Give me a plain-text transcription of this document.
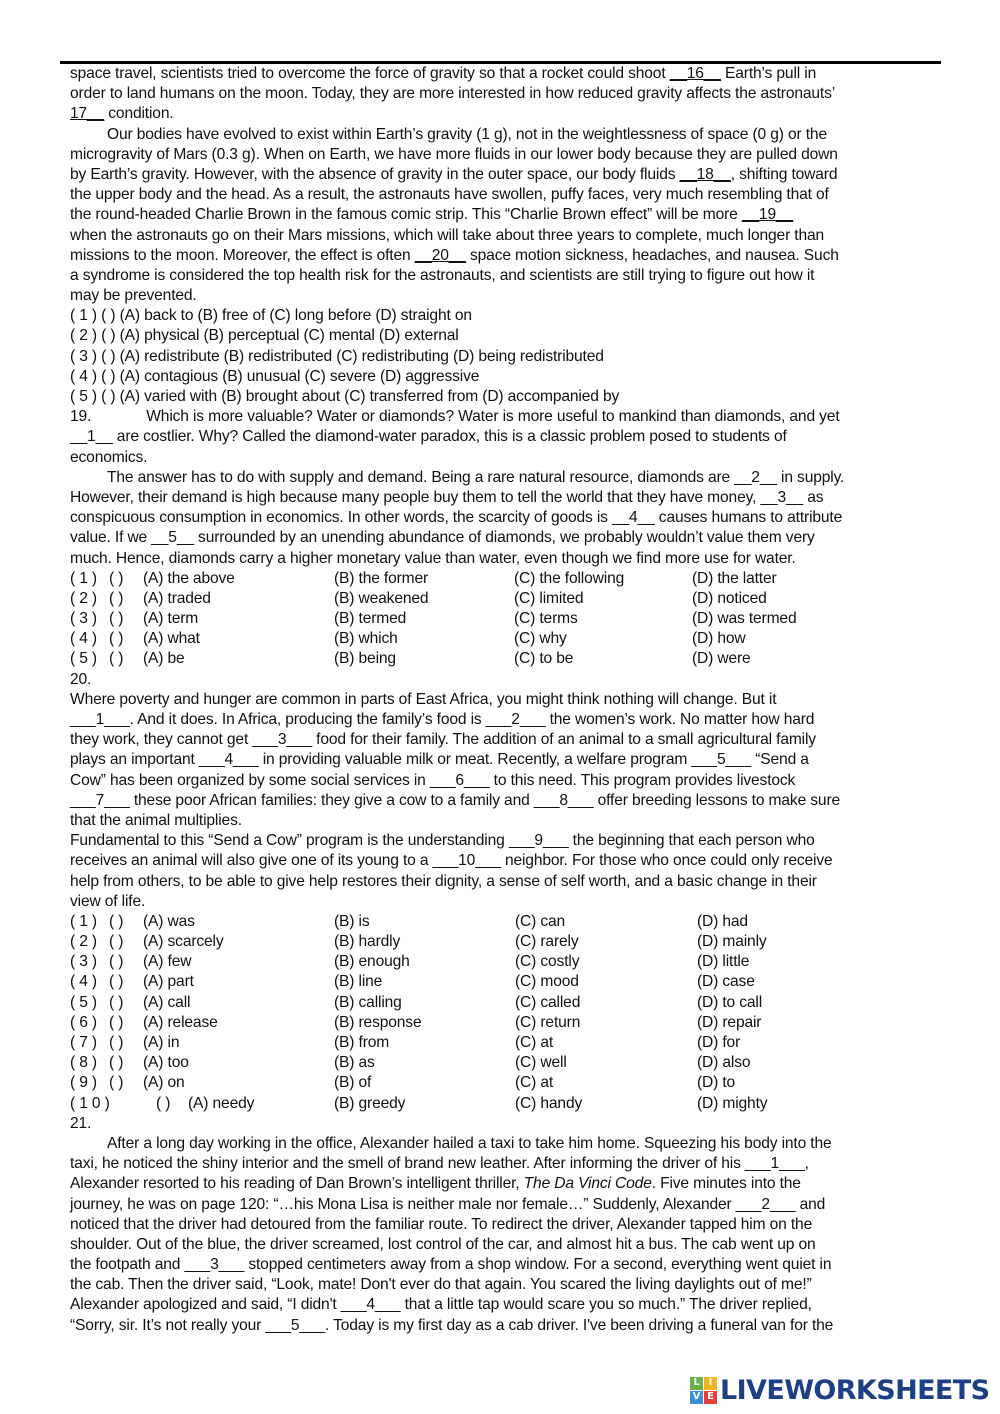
space travel, scientists tried to overcome the force of gravity so that a rocket could shoot __16__ Earth’s pull in
order to land humans on the moon. Today, they are more interested in how reduced gravity affects the astronauts’
17__ condition.
Our bodies have evolved to exist within Earth’s gravity (1 g), not in the weightlessness of space (0 g) or the
microgravity of Mars (0.3 g). When on Earth, we have more fluids in our lower body because they are pulled down
by Earth’s gravity. However, with the absence of gravity in the outer space, our body fluids __18__, shifting toward
the upper body and the head. As a result, the astronauts have swollen, puffy faces, very much resembling that of
the round-headed Charlie Brown in the famous comic strip. This “Charlie Brown effect” will be more __19__
when the astronauts go on their Mars missions, which will take about three years to complete, much longer than
missions to the moon. Moreover, the effect is often __20__ space motion sickness, headaches, and nausea. Such
a syndrome is considered the top health risk for the astronauts, and scientists are still trying to figure out how it
may be prevented.
( 1 ) ( ) (A) back to (B) free of (C) long before (D) straight on
( 2 ) ( ) (A) physical (B) perceptual (C) mental (D) external
( 3 ) ( ) (A) redistribute (B) redistributed (C) redistributing (D) being redistributed
( 4 ) ( ) (A) contagious (B) unusual (C) severe (D) aggressive
( 5 ) ( ) (A) varied with (B) brought about (C) transferred from (D) accompanied by
19.	Which is more valuable? Water or diamonds? Water is more useful to mankind than diamonds, and yet
__1__ are costlier. Why? Called the diamond-water paradox, this is a classic problem posed to students of
economics.
The answer has to do with supply and demand. Being a rare natural resource, diamonds are __2__ in supply.
However, their demand is high because many people buy them to tell the world that they have money, __3__ as
conspicuous consumption in economics. In other words, the scarcity of goods is __4__ causes humans to attribute
value. If we __5__ surrounded by an unending abundance of diamonds, we probably wouldn’t value them very
much. Hence, diamonds carry a higher monetary value than water, even though we find more use for water.
( 1 ) ( ) (A) the above	(B) the former	(C) the following	(D) the latter
( 2 ) ( ) (A) traded	(B) weakened	(C) limited	(D) noticed
( 3 ) ( ) (A) term	(B) termed	(C) terms	(D) was termed
( 4 ) ( ) (A) what	(B) which	(C) why	(D) how
( 5 ) ( ) (A) be	(B) being	(C) to be	(D) were
20.
Where poverty and hunger are common in parts of East Africa, you might think nothing will change. But it
___1___. And it does. In Africa, producing the family’s food is ___2___ the women’s work. No matter how hard
they work, they cannot get ___3___ food for their family. The addition of an animal to a small agricultural family
plays an important ___4___ in providing valuable milk or meat. Recently, a welfare program ___5___ “Send a
Cow” has been organized by some social services in ___6___ to this need. This program provides livestock
___7___ these poor African families: they give a cow to a family and ___8___ offer breeding lessons to make sure
that the animal multiplies.
Fundamental to this “Send a Cow” program is the understanding ___9___ the beginning that each person who
receives an animal will also give one of its young to a ___10___ neighbor. For those who once could only receive
help from others, to be able to give help restores their dignity, a sense of self worth, and a basic change in their
view of life.
( 1 ) ( ) (A) was	(B) is	(C) can	(D) had
( 2 ) ( ) (A) scarcely	(B) hardly	(C) rarely	(D) mainly
( 3 ) ( ) (A) few	(B) enough	(C) costly	(D) little
( 4 ) ( ) (A) part	(B) line	(C) mood	(D) case
( 5 ) ( ) (A) call	(B) calling	(C) called	(D) to call
( 6 ) ( ) (A) release	(B) response	(C) return	(D) repair
( 7 ) ( ) (A) in	(B) from	(C) at	(D) for
( 8 ) ( ) (A) too	(B) as	(C) well	(D) also
( 9 ) ( ) (A) on	(B) of	(C) at	(D) to
( 1 0 )	( ) (A) needy	(B) greedy	(C) handy	(D) mighty
21.
After a long day working in the office, Alexander hailed a taxi to take him home. Squeezing his body into the
taxi, he noticed the shiny interior and the smell of brand new leather. After informing the driver of his ___1___,
Alexander resorted to his reading of Dan Brown’s intelligent thriller, The Da Vinci Code. Five minutes into the
journey, he was on page 120: “…his Mona Lisa is neither male nor female…” Suddenly, Alexander ___2___ and
noticed that the driver had detoured from the familiar route. To redirect the driver, Alexander tapped him on the
shoulder. Out of the blue, the driver screamed, lost control of the car, and almost hit a bus. The cab went up on
the footpath and ___3___ stopped centimeters away from a shop window. For a second, everything went quiet in
the cab. Then the driver said, “Look, mate! Don't ever do that again. You scared the living daylights out of me!”
Alexander apologized and said, “I didn't ___4___ that a little tap would scare you so much.” The driver replied,
“Sorry, sir. It’s not really your ___5___. Today is my first day as a cab driver. I've been driving a funeral van for the
L I
V E LIVEWORKSHEETS
